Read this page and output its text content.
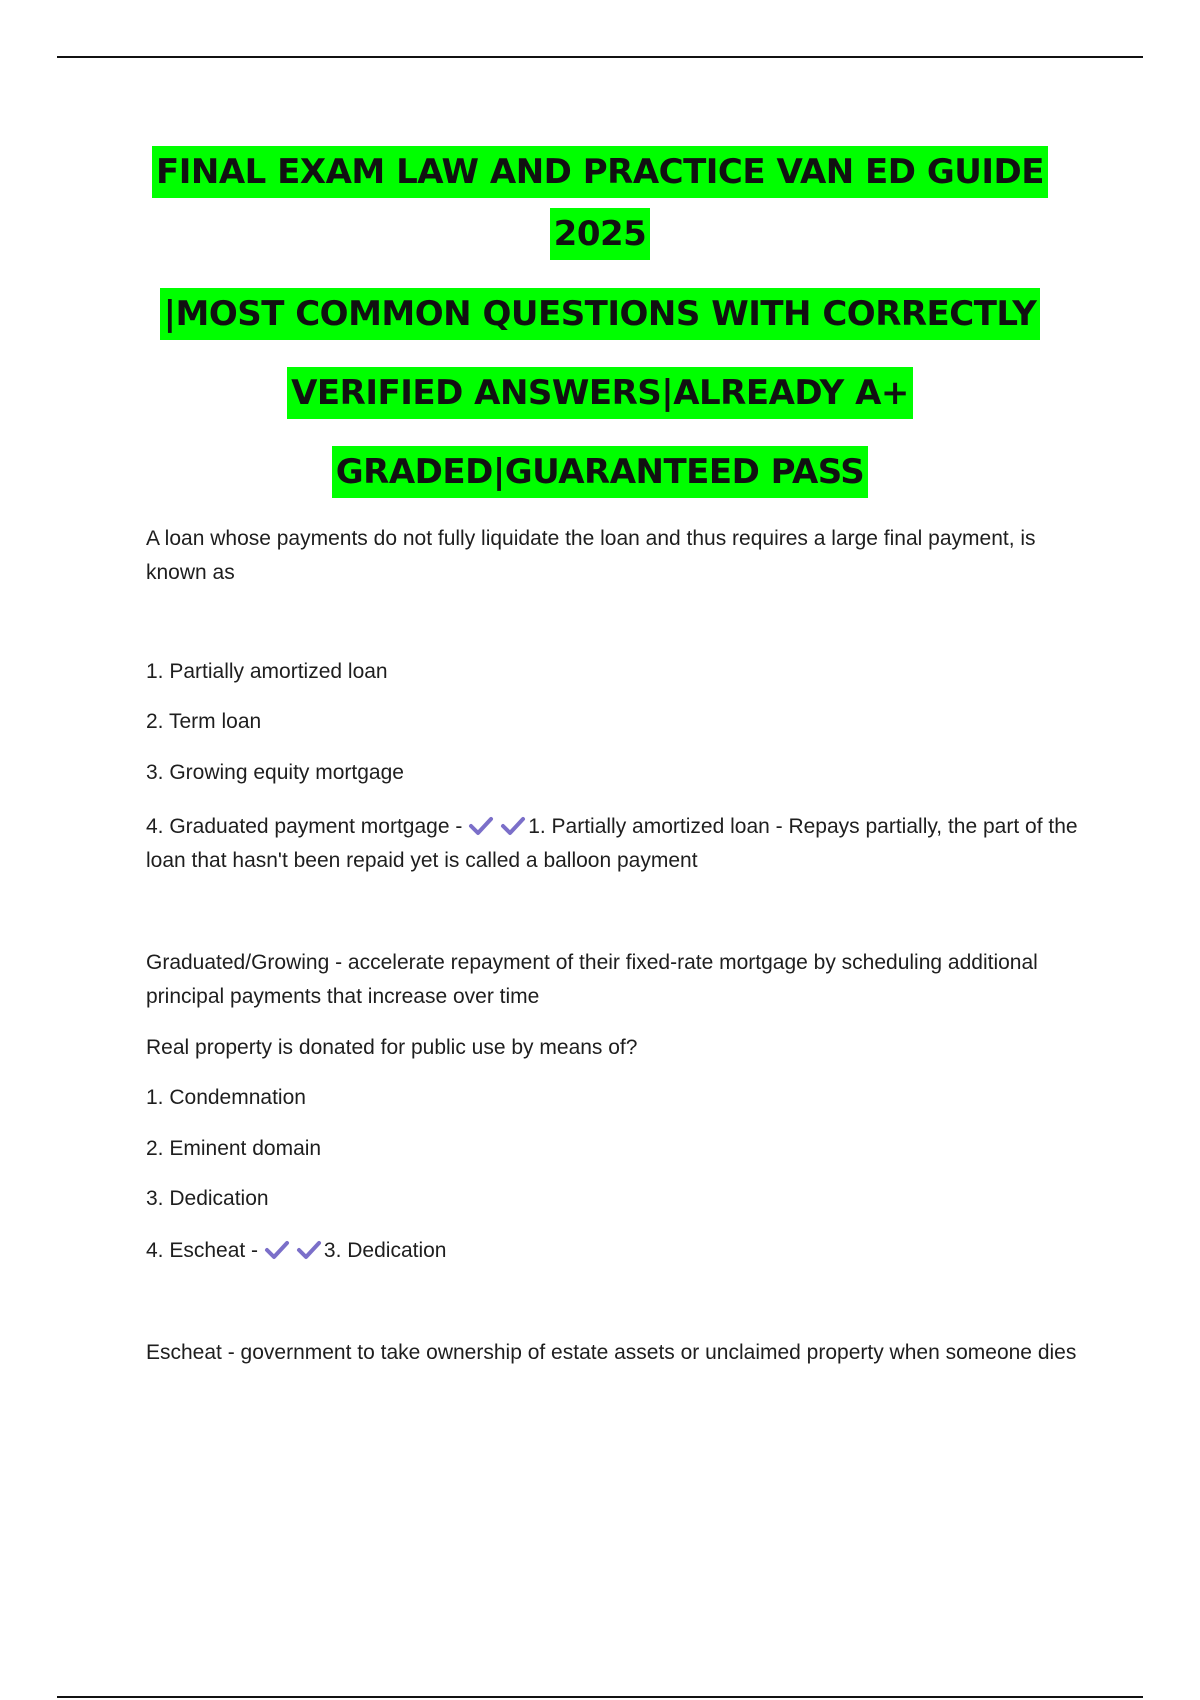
FINAL EXAM LAW AND PRACTICE VAN ED GUIDE
2025
|MOST COMMON QUESTIONS WITH CORRECTLY
VERIFIED ANSWERS|ALREADY A+
GRADED|GUARANTEED PASS

A loan whose payments do not fully liquidate the loan and thus requires a large final payment, is known as

1. Partially amortized loan

2. Term loan

3. Growing equity mortgage

4. Graduated payment mortgage -	1. Partially amortized loan - Repays partially, the part of the loan that hasn't been repaid yet is called a balloon payment

Graduated/Growing - accelerate repayment of their fixed-rate mortgage by scheduling additional principal payments that increase over time

Real property is donated for public use by means of?

1. Condemnation

2. Eminent domain

3. Dedication

4. Escheat -	3. Dedication

Escheat - government to take ownership of estate assets or unclaimed property when someone dies
